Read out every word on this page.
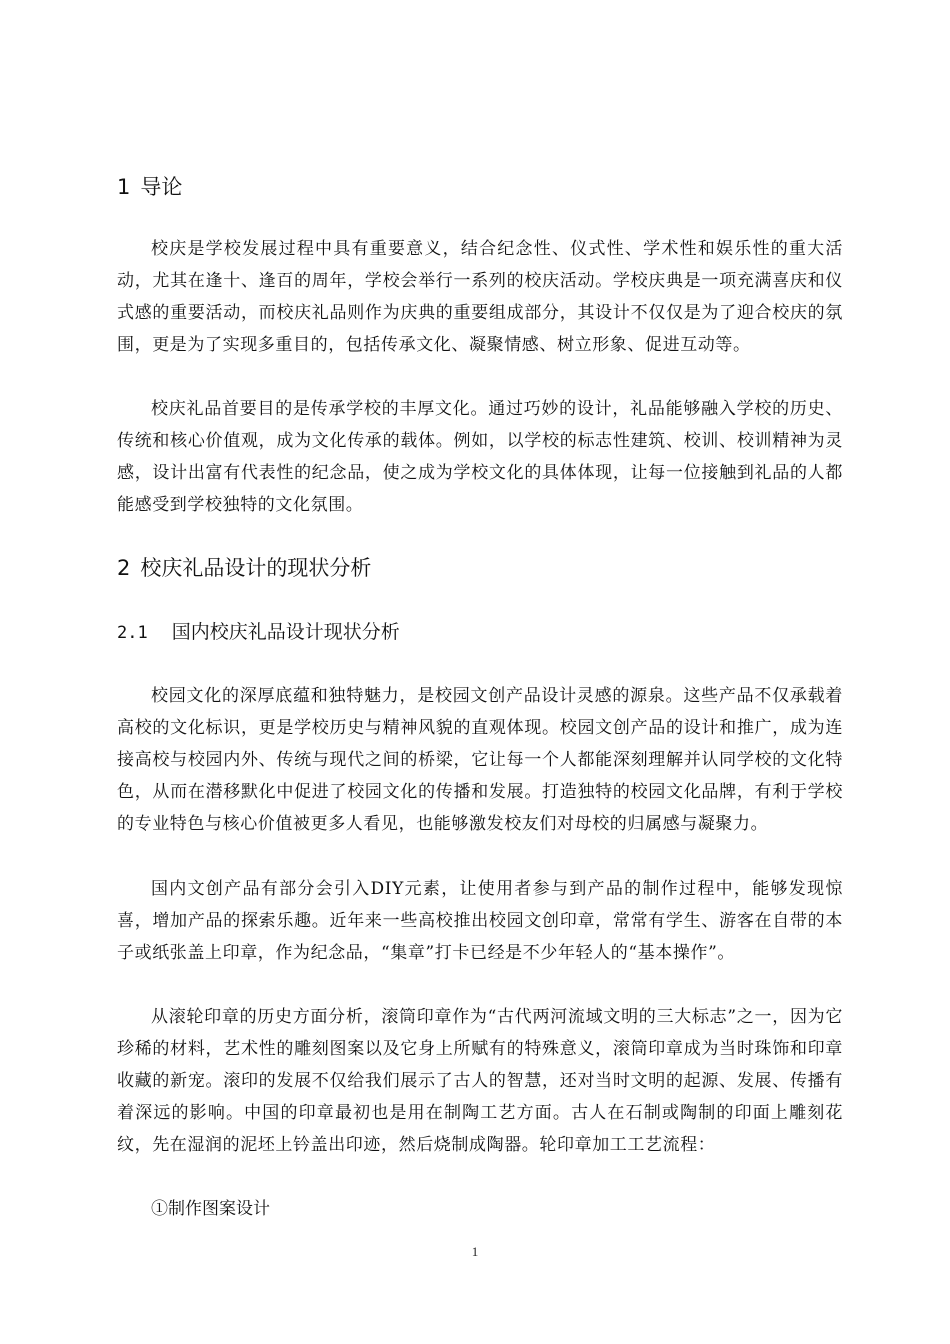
1 导论

校庆是学校发展过程中具有重要意义，结合纪念性、仪式性、学术性和娱乐性的重大活动，尤其在逢十、逢百的周年，学校会举行一系列的校庆活动。学校庆典是一项充满喜庆和仪式感的重要活动，而校庆礼品则作为庆典的重要组成部分，其设计不仅仅是为了迎合校庆的氛围，更是为了实现多重目的，包括传承文化、凝聚情感、树立形象、促进互动等。

校庆礼品首要目的是传承学校的丰厚文化。通过巧妙的设计，礼品能够融入学校的历史、传统和核心价值观，成为文化传承的载体。例如，以学校的标志性建筑、校训、校训精神为灵感，设计出富有代表性的纪念品，使之成为学校文化的具体体现，让每一位接触到礼品的人都能感受到学校独特的文化氛围。

2 校庆礼品设计的现状分析
2.1 国内校庆礼品设计现状分析

校园文化的深厚底蕴和独特魅力，是校园文创产品设计灵感的源泉。这些产品不仅承载着高校的文化标识，更是学校历史与精神风貌的直观体现。校园文创产品的设计和推广，成为连接高校与校园内外、传统与现代之间的桥梁，它让每一个人都能深刻理解并认同学校的文化特色，从而在潜移默化中促进了校园文化的传播和发展。打造独特的校园文化品牌，有利于学校的专业特色与核心价值被更多人看见，也能够激发校友们对母校的归属感与凝聚力。

国内文创产品有部分会引入DIY元素，让使用者参与到产品的制作过程中，能够发现惊喜，增加产品的探索乐趣。近年来一些高校推出校园文创印章，常常有学生、游客在自带的本子或纸张盖上印章，作为纪念品，“集章”打卡已经是不少年轻人的“基本操作”。

从滚轮印章的历史方面分析，滚筒印章作为“古代两河流域文明的三大标志”之一，因为它珍稀的材料，艺术性的雕刻图案以及它身上所赋有的特殊意义，滚筒印章成为当时珠饰和印章收藏的新宠。滚印的发展不仅给我们展示了古人的智慧，还对当时文明的起源、发展、传播有着深远的影响。中国的印章最初也是用在制陶工艺方面。古人在石制或陶制的印面上雕刻花纹，先在湿润的泥坯上钤盖出印迹，然后烧制成陶器。轮印章加工工艺流程：

①制作图案设计

1
